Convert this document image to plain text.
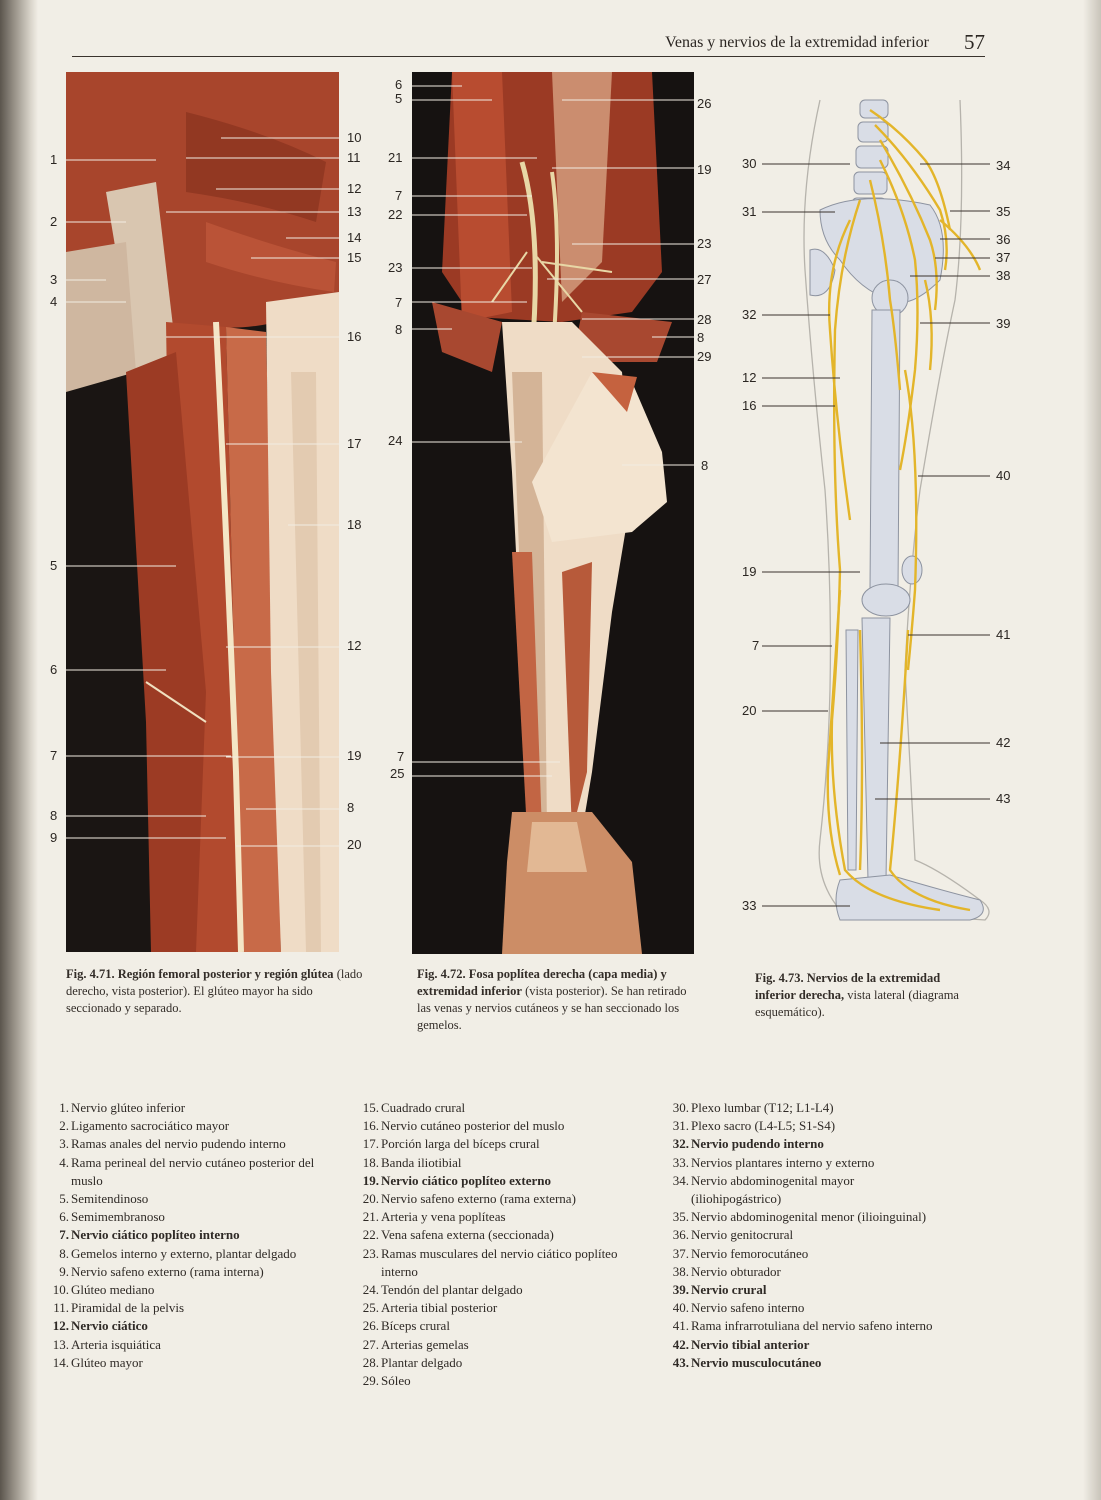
Venas y nervios de la extremidad inferior 57
1
2
3
4
5
6
7
8
9
10
11
12
13
14
15
16
17
18
12
19
8
20
6
5
21
7
22
23
7
8
24
7
25
26
19
23
27
28
8
29
8
30
31
32
12
16
19
7
20
33
34
35
36
37
38
39
40
41
42
43
Fig. 4.71. Región femoral posterior y región glútea (lado derecho, vista posterior). El glúteo mayor ha sido seccionado y separado.
Fig. 4.72. Fosa poplítea derecha (capa media) y extremidad inferior (vista posterior). Se han retirado las venas y nervios cutáneos y se han seccionado los gemelos.
Fig. 4.73. Nervios de la extremidad inferior derecha, vista lateral (diagrama esquemático).
1. Nervio glúteo inferior
2. Ligamento sacrociático mayor
3. Ramas anales del nervio pudendo interno
4. Rama perineal del nervio cutáneo posterior del muslo
5. Semitendinoso
6. Semimembranoso
7. Nervio ciático poplíteo interno
8. Gemelos interno y externo, plantar delgado
9. Nervio safeno externo (rama interna)
10. Glúteo mediano
11. Piramidal de la pelvis
12. Nervio ciático
13. Arteria isquiática
14. Glúteo mayor
15. Cuadrado crural
16. Nervio cutáneo posterior del muslo
17. Porción larga del bíceps crural
18. Banda iliotibial
19. Nervio ciático poplíteo externo
20. Nervio safeno externo (rama externa)
21. Arteria y vena poplíteas
22. Vena safena externa (seccionada)
23. Ramas musculares del nervio ciático poplíteo interno
24. Tendón del plantar delgado
25. Arteria tibial posterior
26. Bíceps crural
27. Arterias gemelas
28. Plantar delgado
29. Sóleo
30. Plexo lumbar (T12; L1-L4)
31. Plexo sacro (L4-L5; S1-S4)
32. Nervio pudendo interno
33. Nervios plantares interno y externo
34. Nervio abdominogenital mayor (iliohipogástrico)
35. Nervio abdominogenital menor (ilioinguinal)
36. Nervio genitocrural
37. Nervio femorocutáneo
38. Nervio obturador
39. Nervio crural
40. Nervio safeno interno
41. Rama infrarrotuliana del nervio safeno interno
42. Nervio tibial anterior
43. Nervio musculocutáneo
